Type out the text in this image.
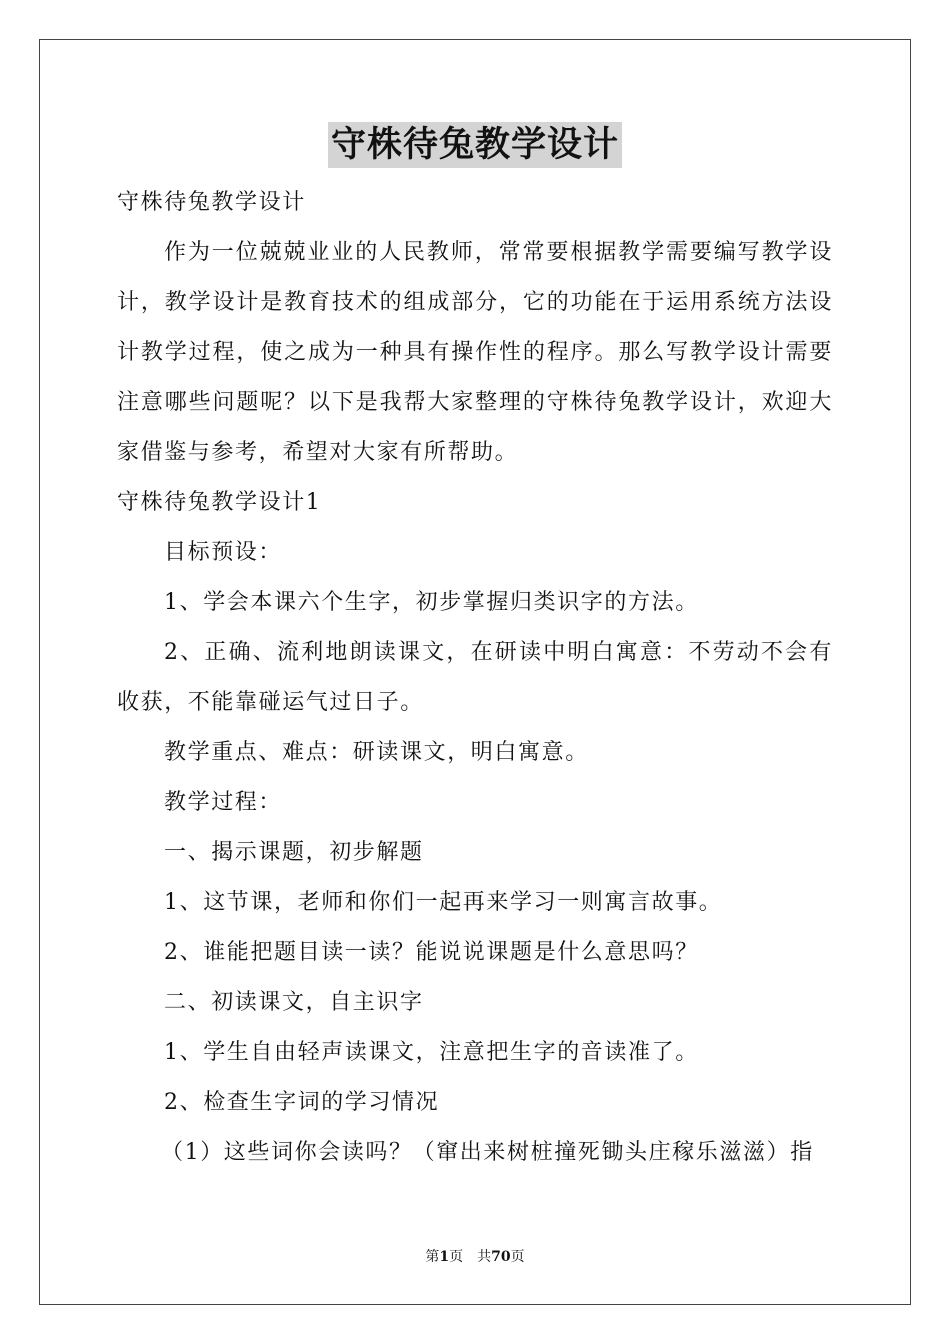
守株待兔教学设计

守株待兔教学设计

作为一位兢兢业业的人民教师，常常要根据教学需要编写教学设计，教学设计是教育技术的组成部分，它的功能在于运用系统方法设计教学过程，使之成为一种具有操作性的程序。那么写教学设计需要注意哪些问题呢？以下是我帮大家整理的守株待兔教学设计，欢迎大家借鉴与参考，希望对大家有所帮助。

守株待兔教学设计1

目标预设：

1、学会本课六个生字，初步掌握归类识字的方法。

2、正确、流利地朗读课文，在研读中明白寓意：不劳动不会有收获，不能靠碰运气过日子。

教学重点、难点：研读课文，明白寓意。

教学过程：

一、揭示课题，初步解题

1、这节课，老师和你们一起再来学习一则寓言故事。

2、谁能把题目读一读？能说说课题是什么意思吗？

二、初读课文，自主识字

1、学生自由轻声读课文，注意把生字的音读准了。

2、检查生字词的学习情况

（1）这些词你会读吗？（窜出来树桩撞死锄头庄稼乐滋滋）指

第1页　共70页
